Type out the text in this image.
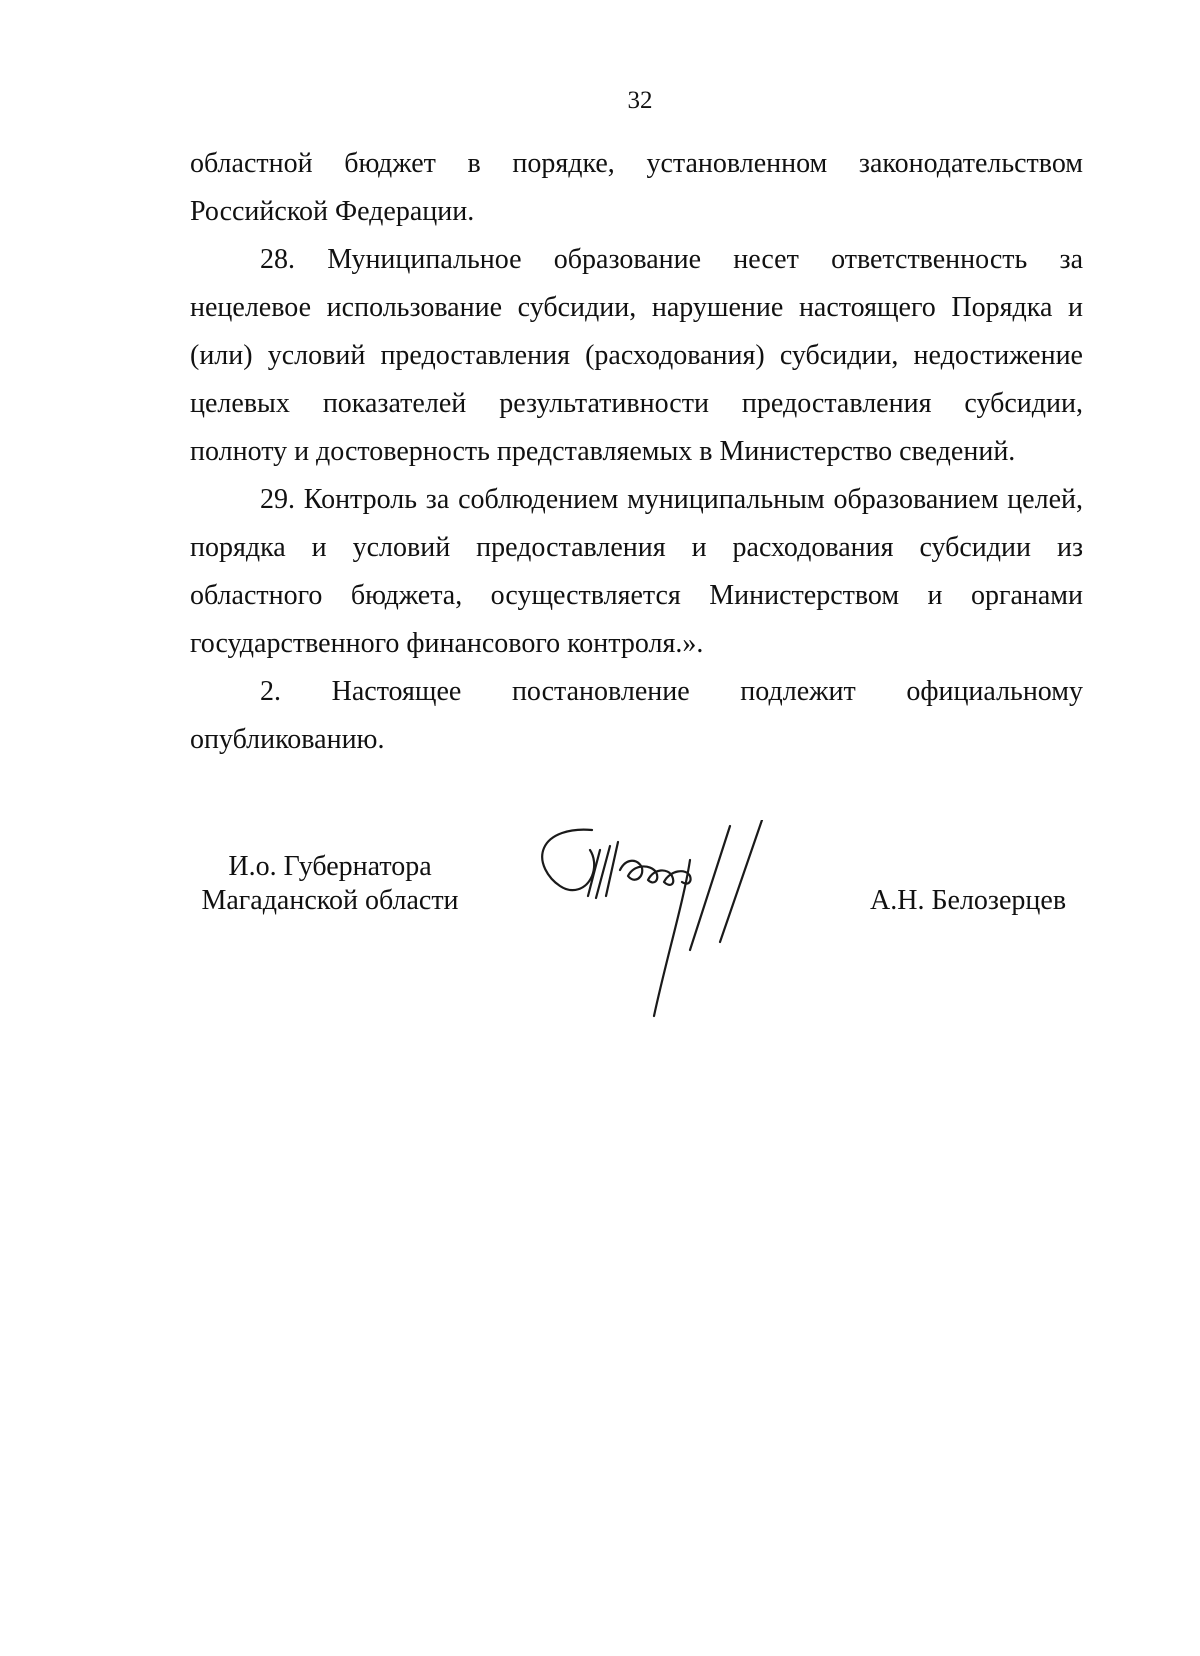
32

областной бюджет в порядке, установленном законодательством

Российской Федерации.

28. Муниципальное образование несет ответственность за

нецелевое использование субсидии, нарушение настоящего Порядка и

(или) условий предоставления (расходования) субсидии, недостижение

целевых показателей результативности предоставления субсидии,

полноту и достоверность представляемых в Министерство сведений.

29. Контроль за соблюдением муниципальным образованием целей,

порядка и условий предоставления и расходования субсидии из

областного бюджета, осуществляется Министерством и органами

государственного финансового контроля.».

2. Настоящее постановление подлежит официальному

опубликованию.

И.о. Губернатора
Магаданской области	А.Н. Белозерцев
